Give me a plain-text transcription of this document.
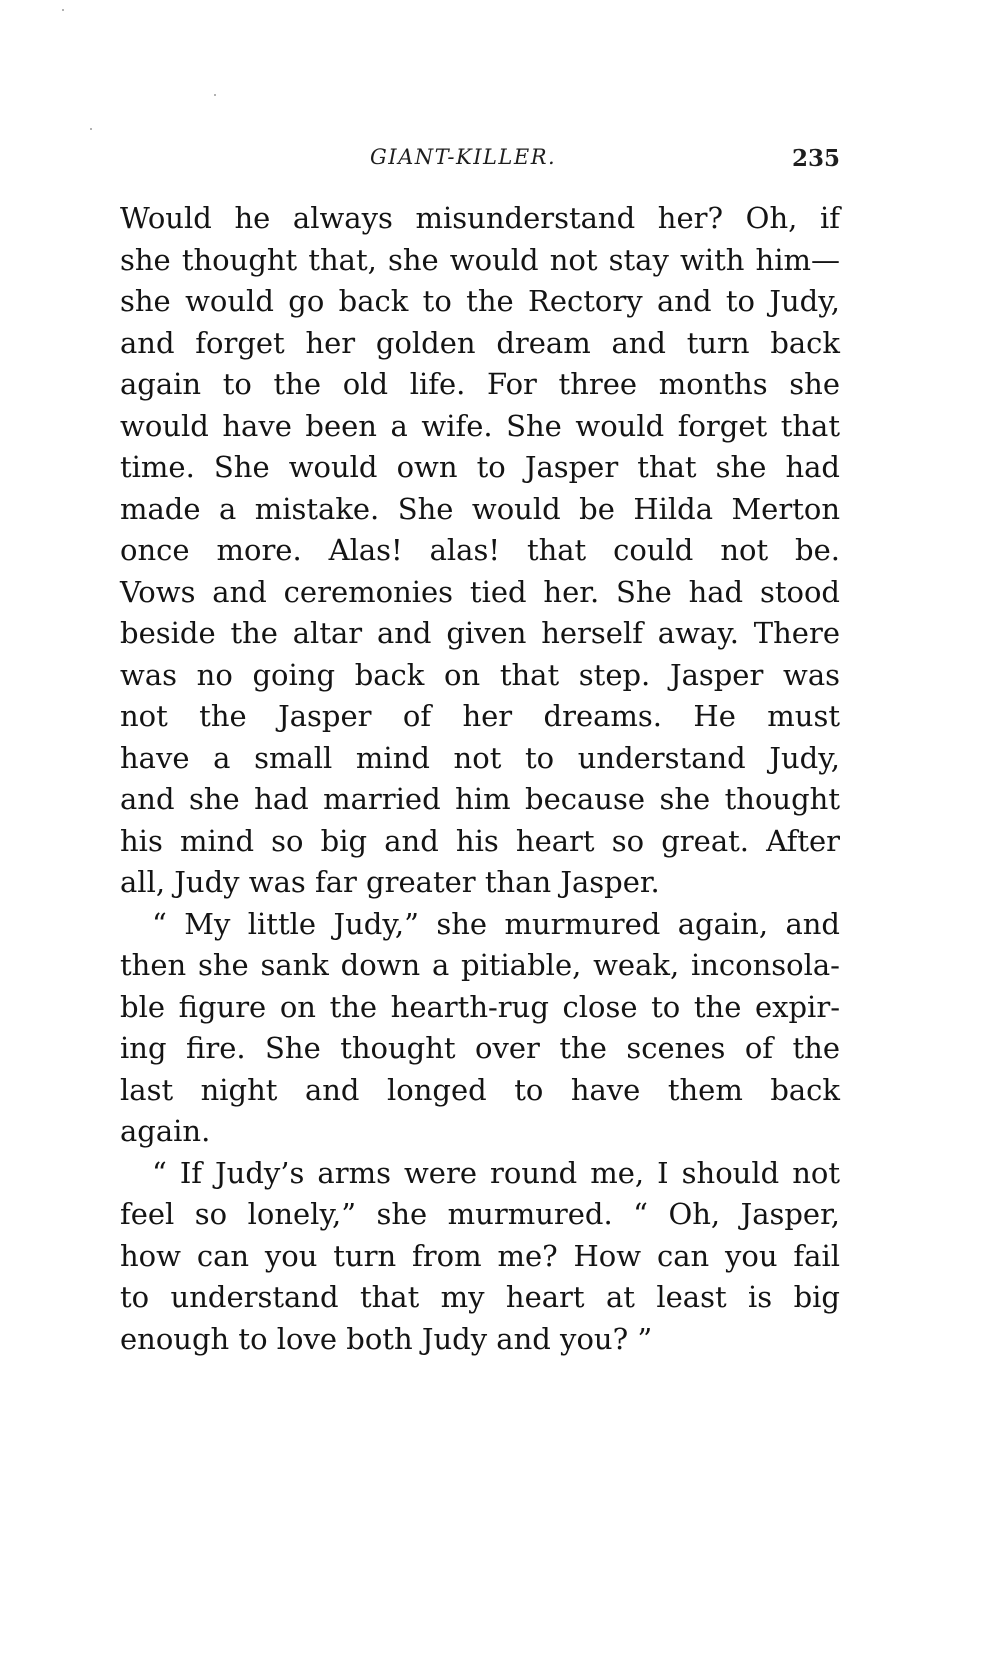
GIANT-KILLER.	235
Would he always misunderstand her? Oh, if
she thought that, she would not stay with him—
she would go back to the Rectory and to Judy,
and forget her golden dream and turn back
again to the old life. For three months she
would have been a wife. She would forget that
time. She would own to Jasper that she had
made a mistake. She would be Hilda Merton
once more. Alas! alas! that could not be.
Vows and ceremonies tied her. She had stood
beside the altar and given herself away. There
was no going back on that step. Jasper was
not the Jasper of her dreams. He must
have a small mind not to understand Judy,
and she had married him because she thought
his mind so big and his heart so great. After
all, Judy was far greater than Jasper.
“ My little Judy,” she murmured again, and
then she sank down a pitiable, weak, inconsola-
ble figure on the hearth-rug close to the expir-
ing fire. She thought over the scenes of the
last night and longed to have them back
again.
“ If Judy’s arms were round me, I should not
feel so lonely,” she murmured. “ Oh, Jasper,
how can you turn from me? How can you fail
to understand that my heart at least is big
enough to love both Judy and you? ”
